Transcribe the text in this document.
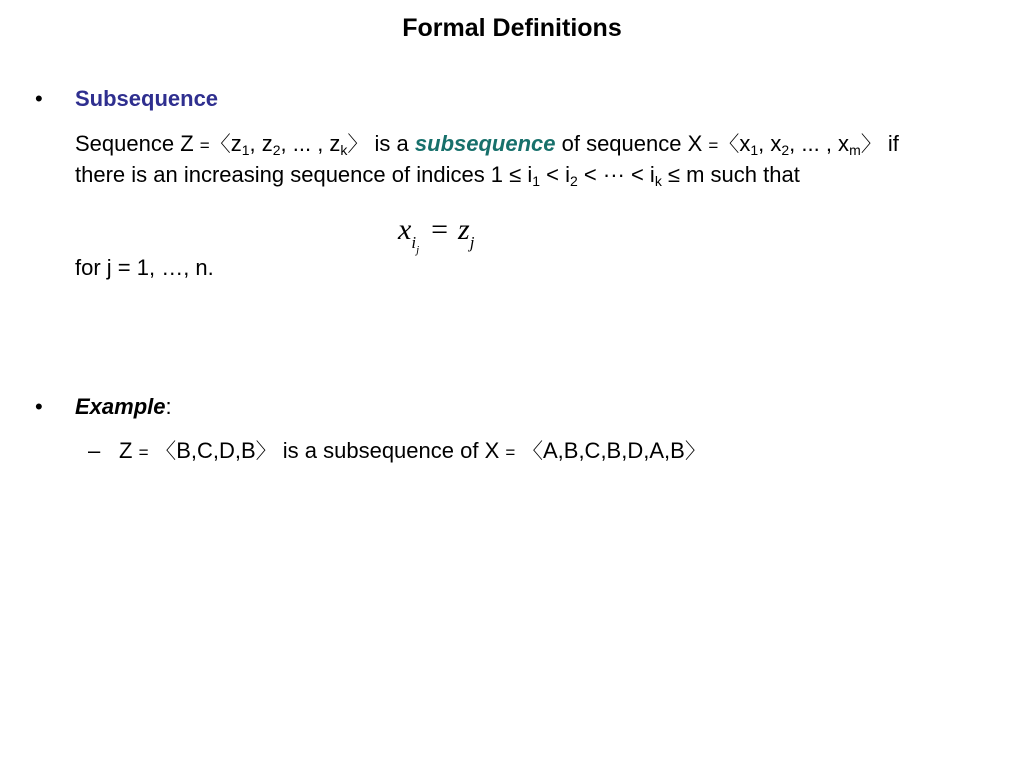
Formal Definitions
• Subsequence
Sequence Z =〈$z_1$, $z_2$, ... , $z_k$〉 is a subsequence of sequence X =〈$x_1$, $x_2$, ... , $x_m$〉 if
there is an increasing sequence of indices $1 \le i_1 < i_2$ < ··· < $i_k \le m$ such that
$x_{ij}= z_j$
for j = 1, …, n.
• Example:
– Z = 〈B,C,D,B〉 is a subsequence of X = 〈A,B,C,B,D,A,B〉
